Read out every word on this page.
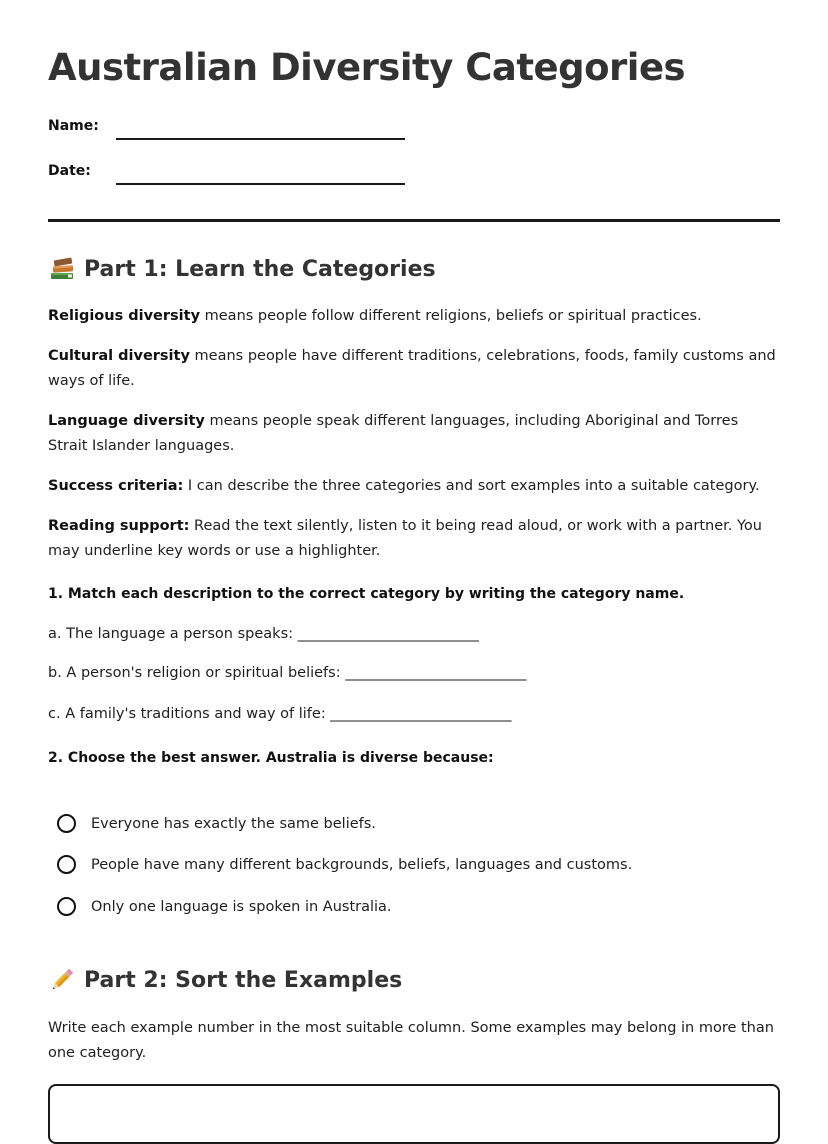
Australian Diversity Categories
Name:
Date:
Part 1: Learn the Categories
Religious diversity means people follow different religions, beliefs or spiritual practices.
Cultural diversity means people have different traditions, celebrations, foods, family customs and ways of life.
Language diversity means people speak different languages, including Aboriginal and Torres Strait Islander languages.
Success criteria: I can describe the three categories and sort examples into a suitable category.
Reading support: Read the text silently, listen to it being read aloud, or work with a partner. You may underline key words or use a highlighter.
1. Match each description to the correct category by writing the category name.
a. The language a person speaks: _________________________
b. A person's religion or spiritual beliefs: _________________________
c. A family's traditions and way of life: _________________________
2. Choose the best answer. Australia is diverse because:
Everyone has exactly the same beliefs.
People have many different backgrounds, beliefs, languages and customs.
Only one language is spoken in Australia.
Part 2: Sort the Examples
Write each example number in the most suitable column. Some examples may belong in more than one category.
